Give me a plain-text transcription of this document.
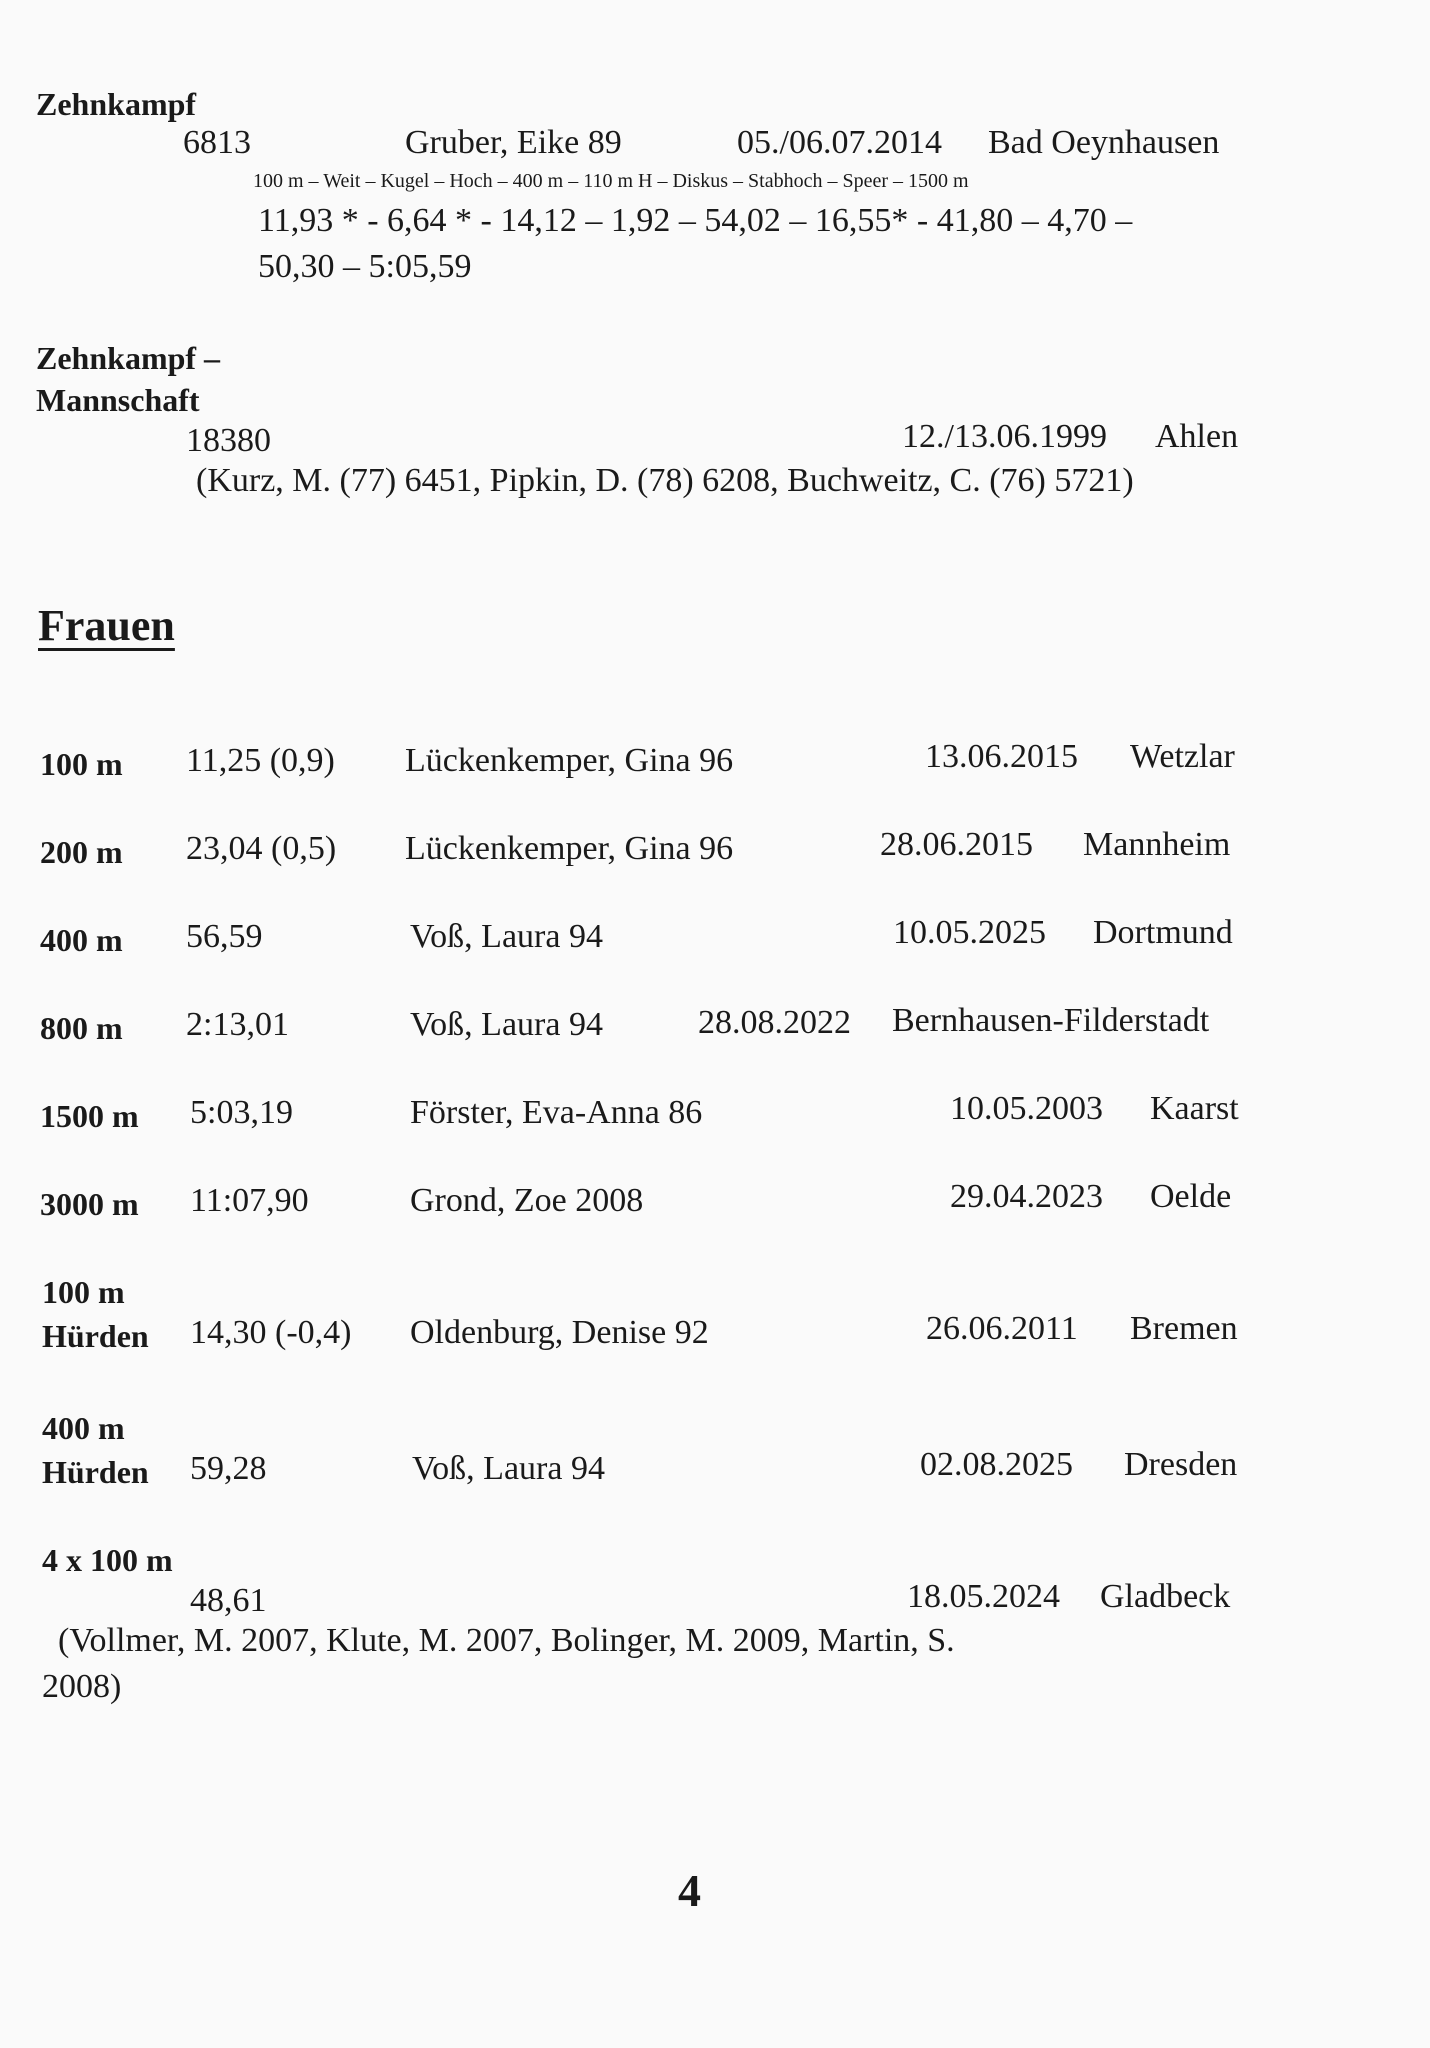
Zehnkampf
6813	Gruber, Eike 89	05./06.07.2014 Bad Oeynhausen
100 m – Weit – Kugel – Hoch – 400 m – 110 m H – Diskus – Stabhoch – Speer – 1500 m
11,93 * - 6,64 * - 14,12 – 1,92 – 54,02 – 16,55* - 41,80 – 4,70 –
50,30 – 5:05,59
Zehnkampf –
Mannschaft
18380	12./13.06.1999 Ahlen
(Kurz, M. (77) 6451, Pipkin, D. (78) 6208, Buchweitz, C. (76) 5721)
Frauen
100 m 11,25 (0,9) Lückenkemper, Gina 96	13.06.2015 Wetzlar
200 m 23,04 (0,5) Lückenkemper, Gina 96	28.06.2015 Mannheim
400 m 56,59	Voß, Laura 94	10.05.2025 Dortmund
800 m 2:13,01	Voß, Laura 94	28.08.2022 Bernhausen-Filderstadt
1500 m 5:03,19	Förster, Eva-Anna 86	10.05.2003 Kaarst
3000 m 11:07,90	Grond, Zoe 2008	29.04.2023 Oelde
100 m
Hürden 14,30 (-0,4) Oldenburg, Denise 92	26.06.2011 Bremen
400 m
Hürden 59,28	Voß, Laura 94	02.08.2025 Dresden
4 x 100 m
48,61	18.05.2024 Gladbeck
(Vollmer, M. 2007, Klute, M. 2007, Bolinger, M. 2009, Martin, S.
2008)
4
